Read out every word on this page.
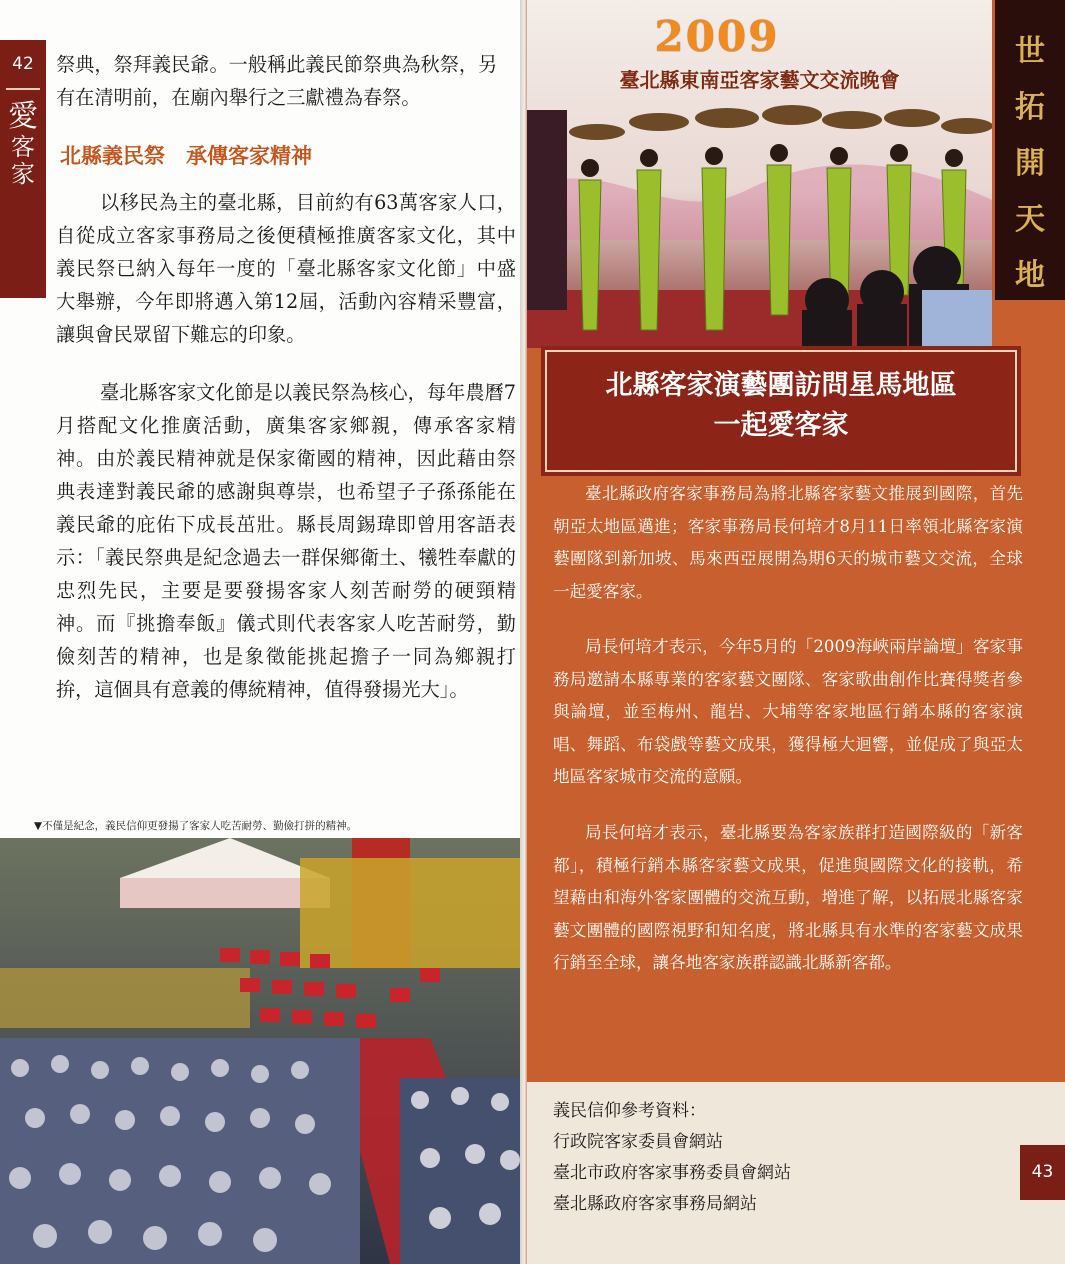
42
愛
客
家

祭典，祭拜義民爺。一般稱此義民節祭典為秋祭，另有在清明前，在廟內舉行之三獻禮為春祭。

北縣義民祭　承傳客家精神

以移民為主的臺北縣，目前約有63萬客家人口，自從成立客家事務局之後便積極推廣客家文化，其中義民祭已納入每年一度的「臺北縣客家文化節」中盛大舉辦，今年即將邁入第12屆，活動內容精采豐富，讓與會民眾留下難忘的印象。

臺北縣客家文化節是以義民祭為核心，每年農曆7月搭配文化推廣活動，廣集客家鄉親，傳承客家精神。由於義民精神就是保家衛國的精神，因此藉由祭典表達對義民爺的感謝與尊崇，也希望子子孫孫能在義民爺的庇佑下成長茁壯。縣長周錫瑋即曾用客語表示：「義民祭典是紀念過去一群保鄉衛土、犧牲奉獻的忠烈先民，主要是要發揚客家人刻苦耐勞的硬頸精神。而『挑擔奉飯』儀式則代表客家人吃苦耐勞，勤儉刻苦的精神，也是象徵能挑起擔子一同為鄉親打拚，這個具有意義的傳統精神，值得發揚光大」。

▼不僅是紀念，義民信仰更發揚了客家人吃苦耐勞、勤儉打拼的精神。
2009
臺北縣東南亞客家藝文交流晚會
世
拓
開
天
地
北縣客家演藝團訪問星馬地區
一起愛客家

臺北縣政府客家事務局為將北縣客家藝文推展到國際，首先朝亞太地區邁進；客家事務局長何培才8月11日率領北縣客家演藝團隊到新加坡、馬來西亞展開為期6天的城市藝文交流，全球一起愛客家。

局長何培才表示，今年5月的「2009海峽兩岸論壇」客家事務局邀請本縣專業的客家藝文團隊、客家歌曲創作比賽得獎者參與論壇，並至梅州、龍岩、大埔等客家地區行銷本縣的客家演唱、舞蹈、布袋戲等藝文成果，獲得極大迴響，並促成了與亞太地區客家城市交流的意願。

局長何培才表示，臺北縣要為客家族群打造國際級的「新客都」，積極行銷本縣客家藝文成果，促進與國際文化的接軌，希望藉由和海外客家團體的交流互動，增進了解，以拓展北縣客家藝文團體的國際視野和知名度，將北縣具有水準的客家藝文成果行銷至全球，讓各地客家族群認識北縣新客都。

義民信仰參考資料：
行政院客家委員會網站
臺北市政府客家事務委員會網站
臺北縣政府客家事務局網站
43
